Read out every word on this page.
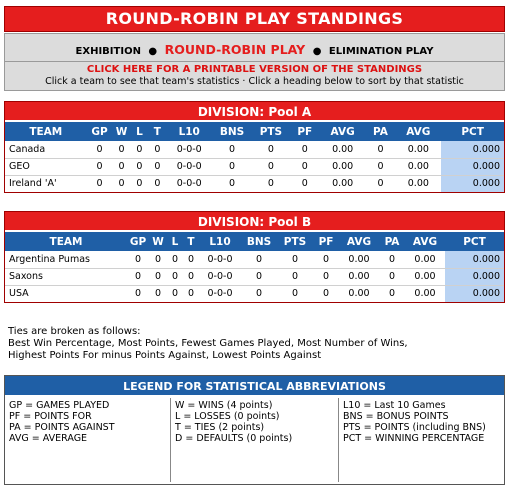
ROUND-ROBIN PLAY STANDINGS
EXHIBITION ● ROUND-ROBIN PLAY ● ELIMINATION PLAY
CLICK HERE FOR A PRINTABLE VERSION OF THE STANDINGS
Click a team to see that team's statistics · Click a heading below to sort by that statistic
DIVISION: Pool A
TEAM	GP	W	L	T	L10	BNS	PTS	PF	AVG	PA	AVG	PCT
Canada	0	0	0	0	0-0-0	0	0	0	0.00	0	0.00	0.000
GEO	0	0	0	0	0-0-0	0	0	0	0.00	0	0.00	0.000
Ireland 'A'	0	0	0	0	0-0-0	0	0	0	0.00	0	0.00	0.000
DIVISION: Pool B
TEAM	GP	W	L	T	L10	BNS	PTS	PF	AVG	PA	AVG	PCT
Argentina Pumas	0	0	0	0	0-0-0	0	0	0	0.00	0	0.00	0.000
Saxons	0	0	0	0	0-0-0	0	0	0	0.00	0	0.00	0.000
USA	0	0	0	0	0-0-0	0	0	0	0.00	0	0.00	0.000
Ties are broken as follows:
Best Win Percentage, Most Points, Fewest Games Played, Most Number of Wins,
Highest Points For minus Points Against, Lowest Points Against
LEGEND FOR STATISTICAL ABBREVIATIONS
GP = GAMES PLAYED
PF = POINTS FOR
PA = POINTS AGAINST
AVG = AVERAGE
W = WINS (4 points)
L = LOSSES (0 points)
T = TIES (2 points)
D = DEFAULTS (0 points)
L10 = Last 10 Games
BNS = BONUS POINTS
PTS = POINTS (including BNS)
PCT = WINNING PERCENTAGE
